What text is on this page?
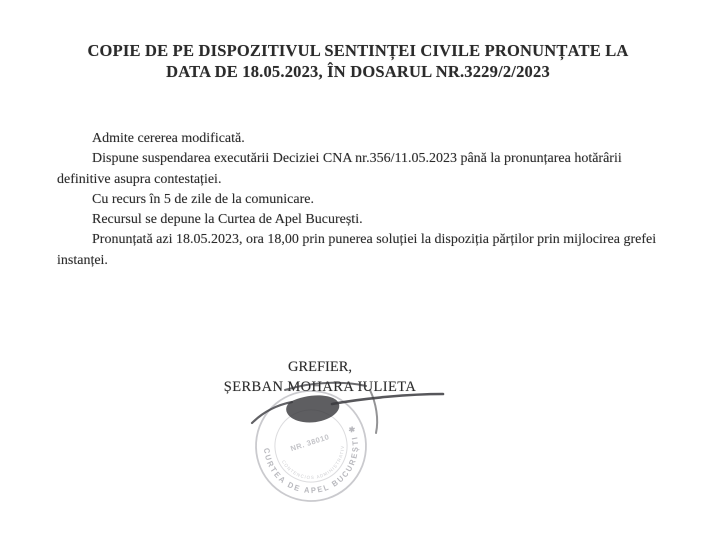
COPIE DE PE DISPOZITIVUL SENTINȚEI CIVILE PRONUNȚATE LA
DATA DE 18.05.2023, ÎN DOSARUL NR.3229/2/2023

Admite cererea modificată.

Dispune suspendarea executării Deciziei CNA nr.356/11.05.2023 până la pronunțarea hotărârii definitive asupra contestației.

Cu recurs în 5 de zile de la comunicare.

Recursul se depune la Curtea de Apel București.

Pronunțată azi 18.05.2023, ora 18,00 prin punerea soluției la dispoziția părților prin mijlocirea grefei instanței.

CURTEA DE APEL BUCUREȘTI ✱
CONTENCIOS ADMINISTRATIV
NR. 38010
GREFIER,
ȘERBAN MOHARA IULIETA
